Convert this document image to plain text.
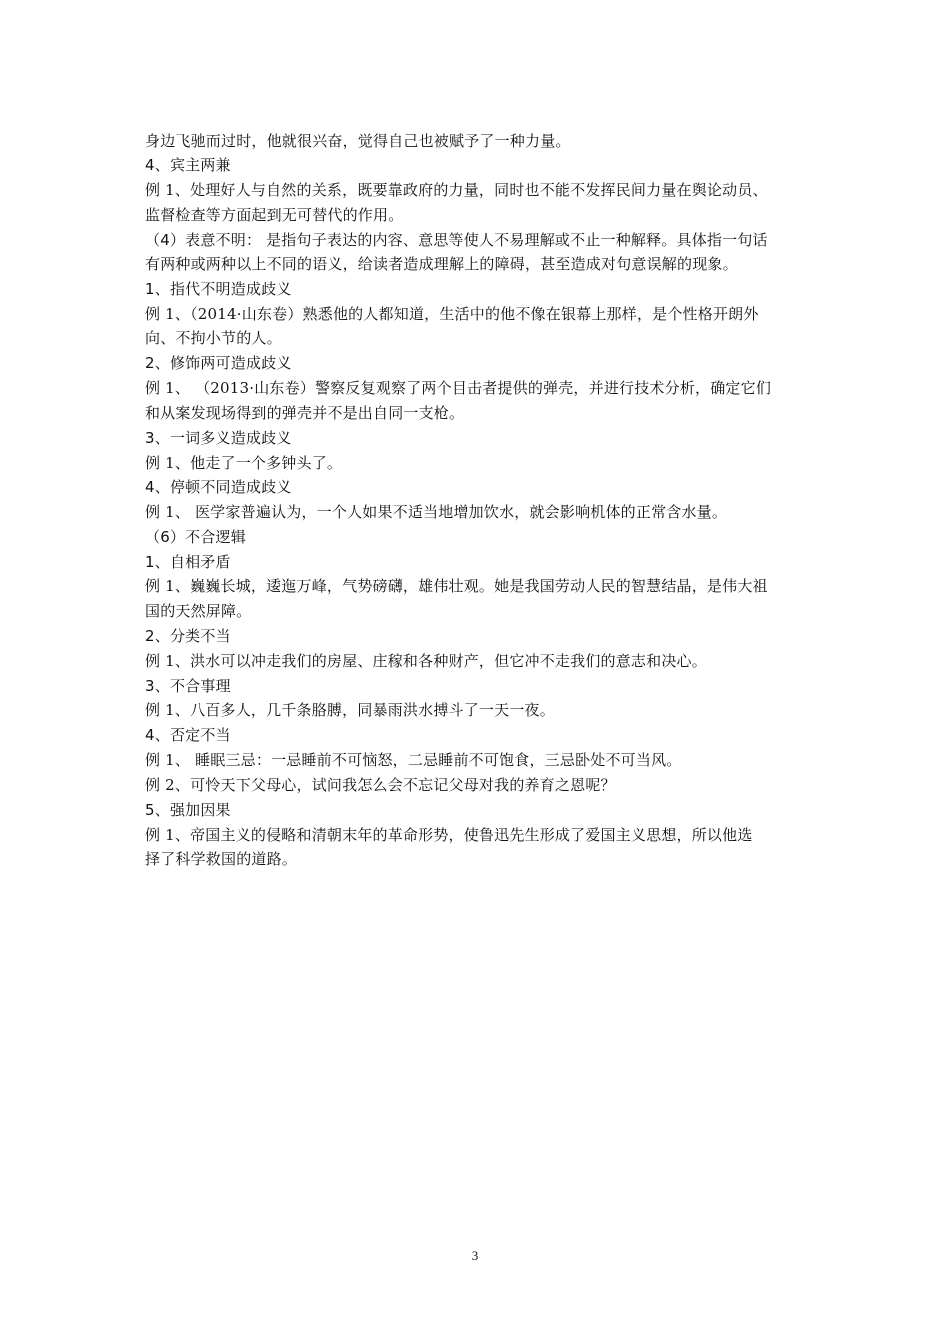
身边飞驰而过时，他就很兴奋，觉得自己也被赋予了一种力量。
4、宾主两兼
例 1、处理好人与自然的关系，既要靠政府的力量，同时也不能不发挥民间力量在舆论动员、
监督检查等方面起到无可替代的作用。
（4）表意不明： 是指句子表达的内容、意思等使人不易理解或不止一种解释。具体指一句话
有两种或两种以上不同的语义，给读者造成理解上的障碍，甚至造成对句意误解的现象。
1、指代不明造成歧义
例 1、（2014·山东卷）熟悉他的人都知道，生活中的他不像在银幕上那样，是个性格开朗外
向、不拘小节的人。
2、修饰两可造成歧义
例 1、 （2013·山东卷）警察反复观察了两个目击者提供的弹壳，并进行技术分析，确定它们
和从案发现场得到的弹壳并不是出自同一支枪。
3、一词多义造成歧义
例 1、他走了一个多钟头了。
4、停顿不同造成歧义
例 1、 医学家普遍认为，一个人如果不适当地增加饮水，就会影响机体的正常含水量。
（6）不合逻辑
1、自相矛盾
例 1、巍巍长城，逶迤万峰，气势磅礴，雄伟壮观。她是我国劳动人民的智慧结晶，是伟大祖
国的天然屏障。
2、分类不当
例 1、洪水可以冲走我们的房屋、庄稼和各种财产，但它冲不走我们的意志和决心。
3、不合事理
例 1、八百多人，几千条胳膊，同暴雨洪水搏斗了一天一夜。
4、否定不当
例 1、 睡眠三忌：一忌睡前不可恼怒，二忌睡前不可饱食，三忌卧处不可当风。
例 2、可怜天下父母心，试问我怎么会不忘记父母对我的养育之恩呢？
5、强加因果
例 1、帝国主义的侵略和清朝末年的革命形势，使鲁迅先生形成了爱国主义思想，所以他选
择了科学救国的道路。
3
